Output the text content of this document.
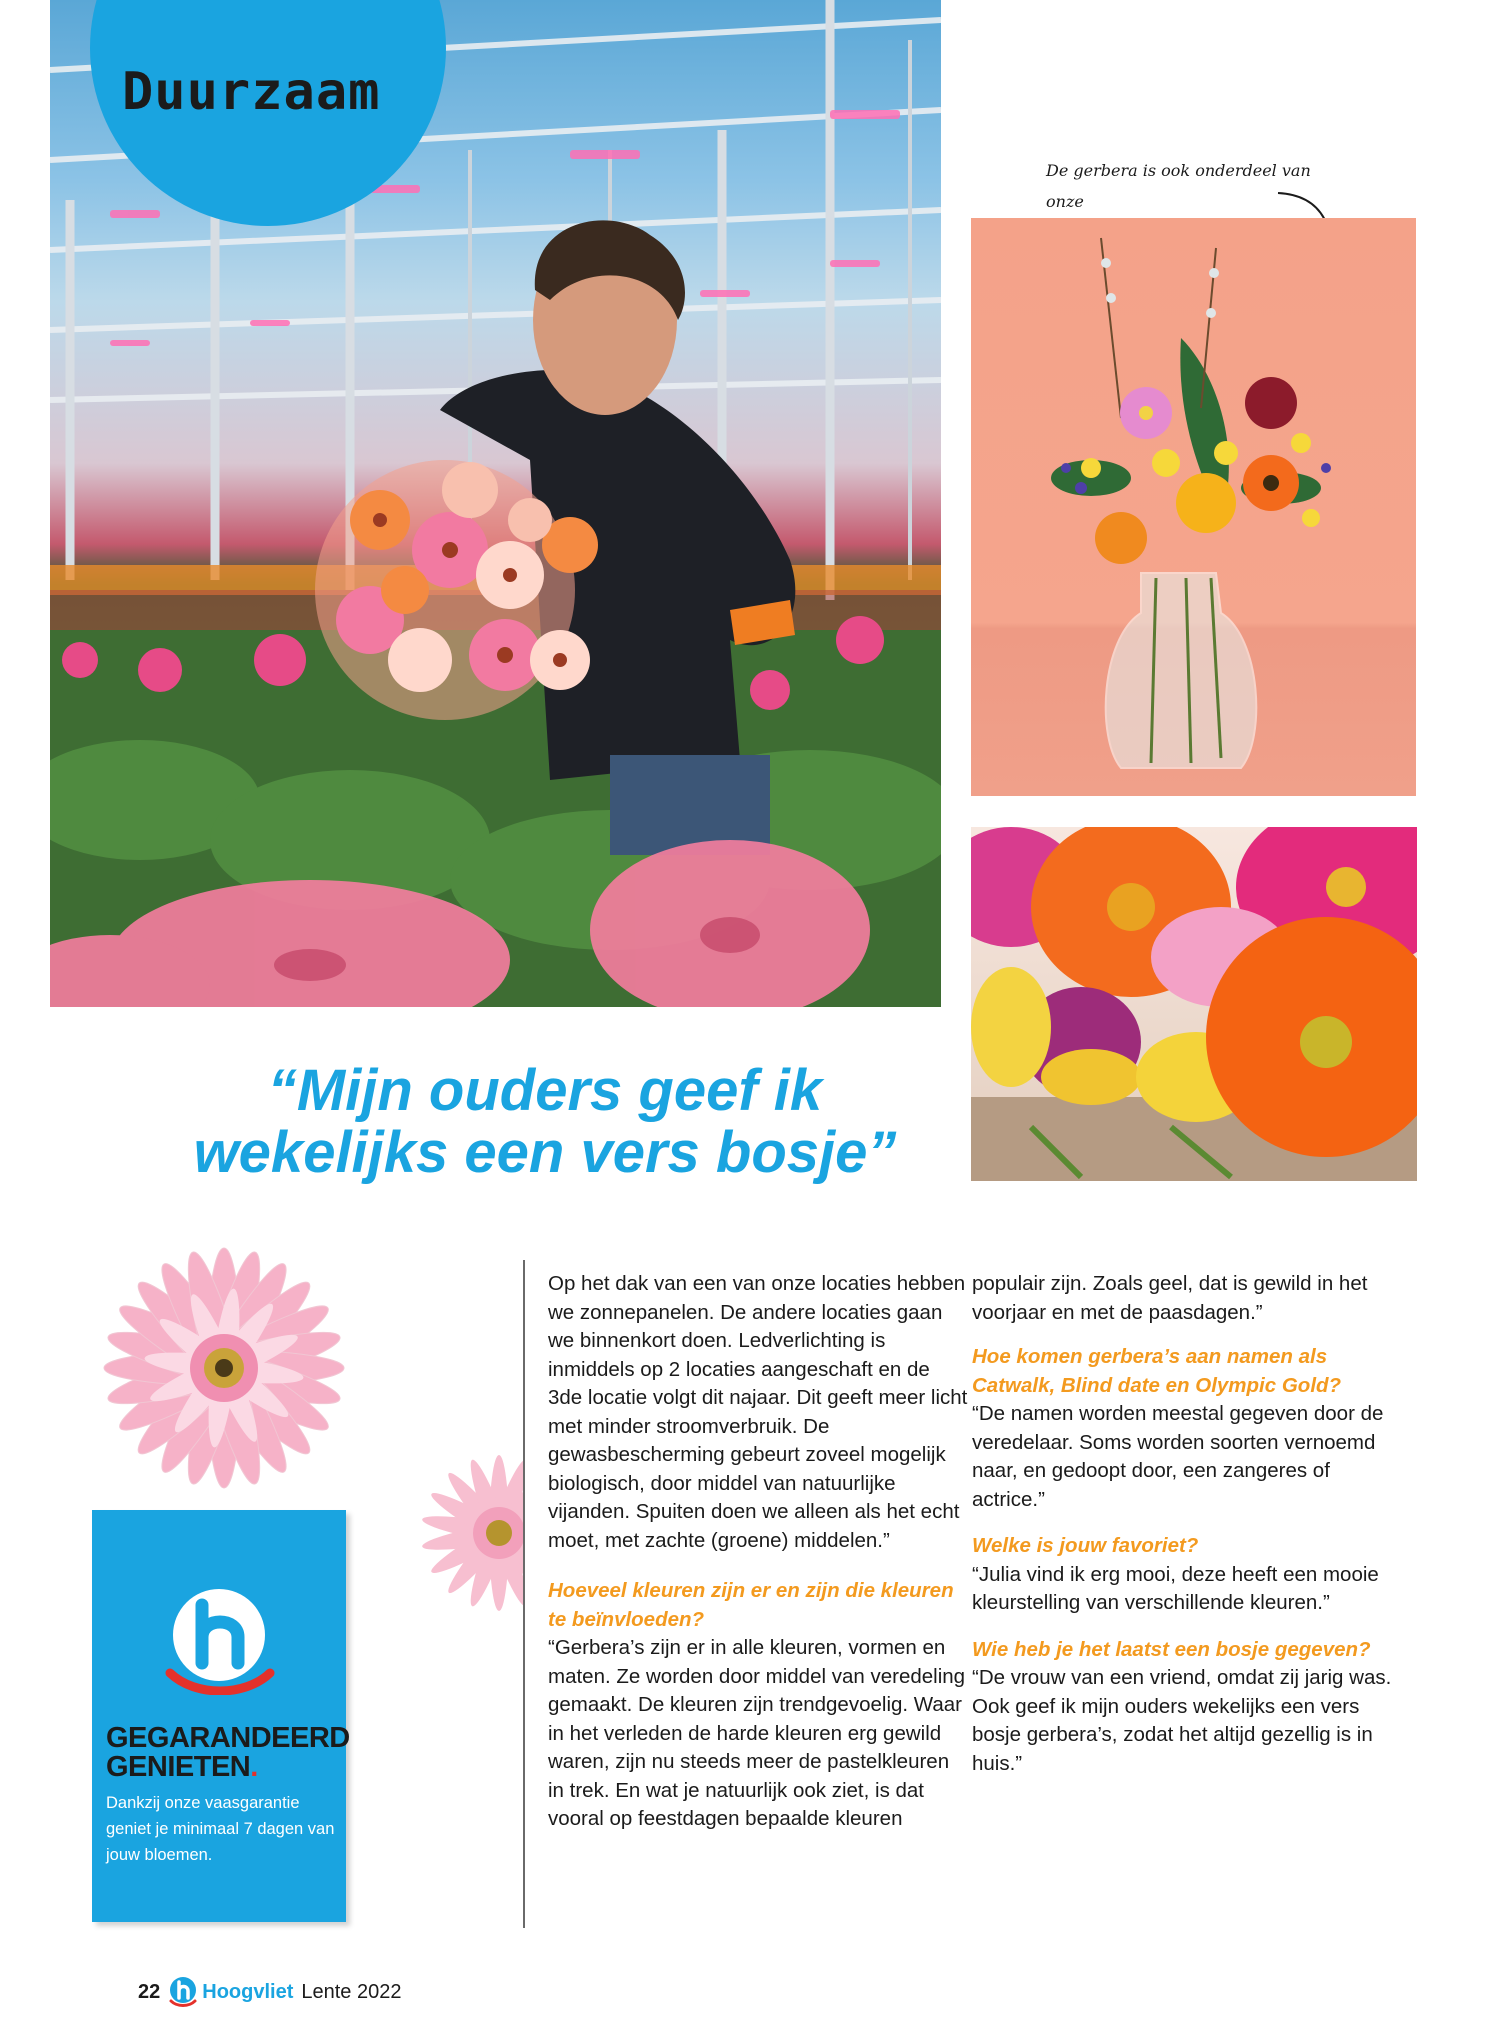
Duurzaam
De gerbera is ook onderdeel van onze
“Mijn ouders geef ik
wekelijks een vers bosje”
GEGARANDEERD
GENIETEN.
Dankzij onze vaasgarantie geniet je minimaal 7 dagen van jouw bloemen.

Op het dak van een van onze locaties hebben we zonnepanelen. De andere locaties gaan we binnenkort doen. Ledverlichting is inmiddels op 2 locaties aangeschaft en de 3de locatie volgt dit najaar. Dit geeft meer licht met minder stroomverbruik. De gewasbescherming gebeurt zoveel mogelijk biologisch, door middel van natuurlijke vijanden. Spuiten doen we alleen als het echt moet, met zachte (groene) middelen.”

Hoeveel kleuren zijn er en zijn die kleuren te beïnvloeden?

“Gerbera’s zijn er in alle kleuren, vormen en maten. Ze worden door middel van veredeling gemaakt. De kleuren zijn trendgevoelig. Waar in het verleden de harde kleuren erg gewild waren, zijn nu steeds meer de pastelkleuren in trek. En wat je natuurlijk ook ziet, is dat vooral op feestdagen bepaalde kleuren

populair zijn. Zoals geel, dat is gewild in het voorjaar en met de paasdagen.”

Hoe komen gerbera’s aan namen als Catwalk, Blind date en Olympic Gold?

“De namen worden meestal gegeven door de veredelaar. Soms worden soorten vernoemd naar, en gedoopt door, een zangeres of actrice.”

Welke is jouw favoriet?

“Julia vind ik erg mooi, deze heeft een mooie kleurstelling van verschillende kleuren.”

Wie heb je het laatst een bosje gegeven?

“De vrouw van een vriend, omdat zij jarig was. Ook geef ik mijn ouders wekelijks een vers bosje gerbera’s, zodat het altijd gezellig is in huis.”

22 Hoogvliet Lente 2022
